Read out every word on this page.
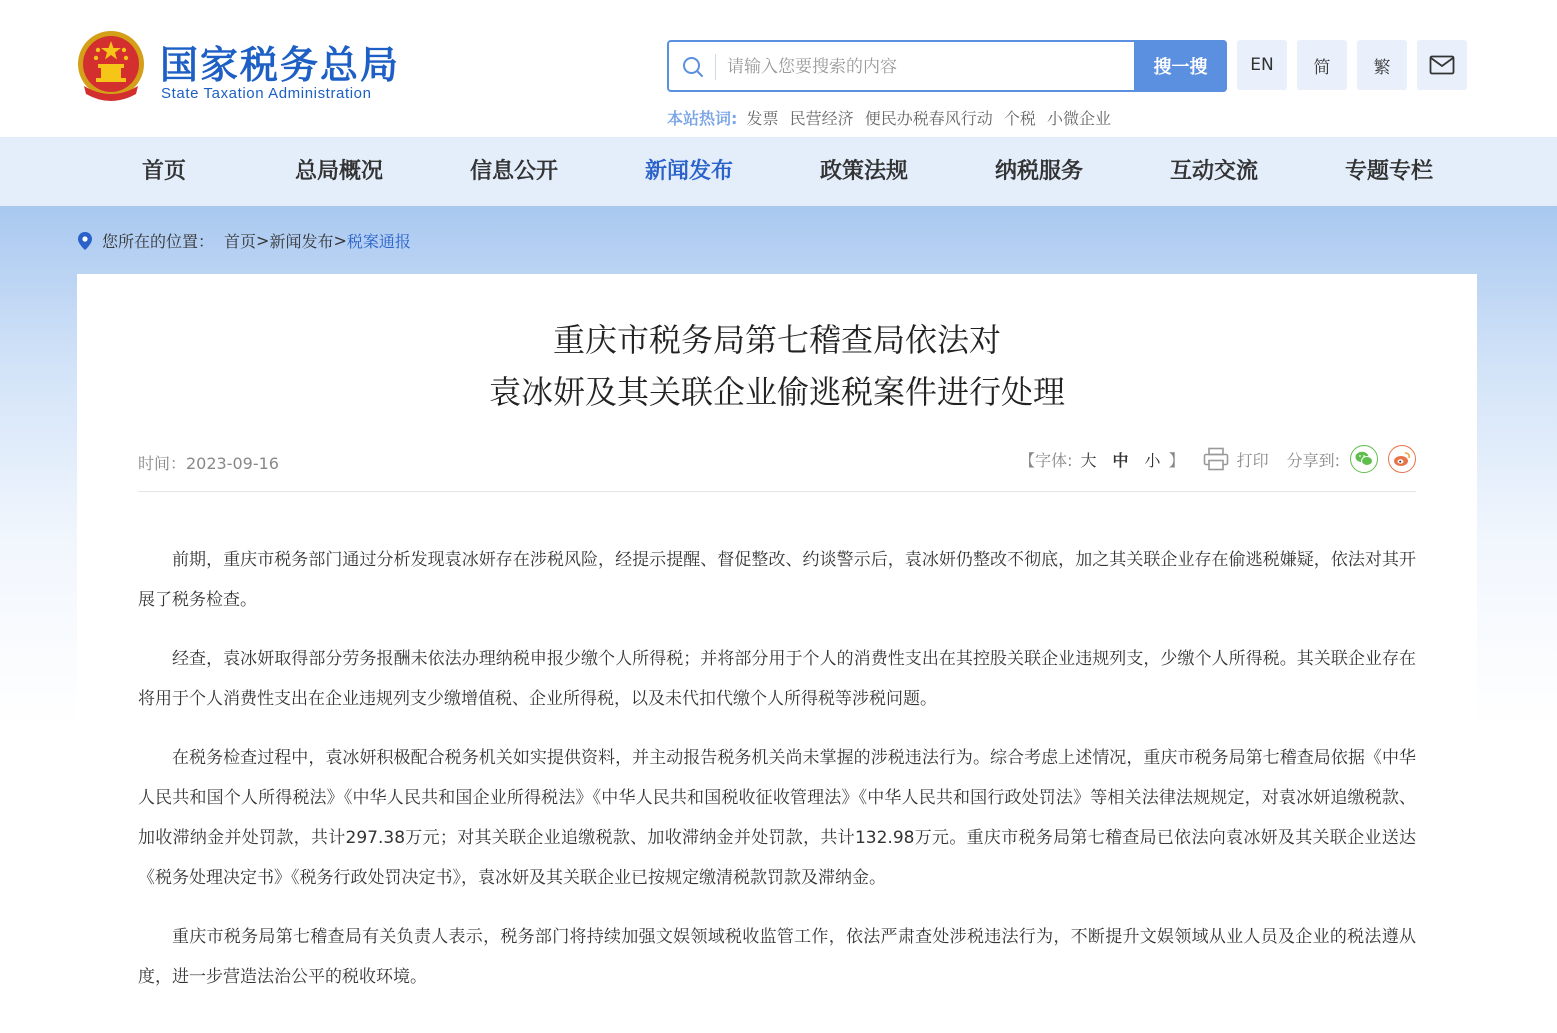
国家税务总局
State Taxation Administration
请输入您要搜索的内容
搜一搜	EN	简	繁
本站热词: 发票 民营经济 便民办税春风行动 个税 小微企业
首页	总局概况	信息公开	新闻发布	政策法规	纳税服务	互动交流	专题专栏
您所在的位置： 首页 > 新闻发布 > 税案通报
重庆市税务局第七稽查局依法对
袁冰妍及其关联企业偷逃税案件进行处理
时间：2023-09-16	【字体: 大 中 小 】	打印 分享到:

前期，重庆市税务部门通过分析发现袁冰妍存在涉税风险，经提示提醒、督促整改、约谈警示后，袁冰妍仍整改不彻底，加之其关联企业存在偷逃税嫌疑，依法对其开展了税务检查。

经查，袁冰妍取得部分劳务报酬未依法办理纳税申报少缴个人所得税；并将部分用于个人的消费性支出在其控股关联企业违规列支，少缴个人所得税。其关联企业存在将用于个人消费性支出在企业违规列支少缴增值税、企业所得税，以及未代扣代缴个人所得税等涉税问题。

在税务检查过程中，袁冰妍积极配合税务机关如实提供资料，并主动报告税务机关尚未掌握的涉税违法行为。综合考虑上述情况，重庆市税务局第七稽查局依据《中华人民共和国个人所得税法》《中华人民共和国企业所得税法》《中华人民共和国税收征收管理法》《中华人民共和国行政处罚法》等相关法律法规规定，对袁冰妍追缴税款、加收滞纳金并处罚款，共计297.38万元；对其关联企业追缴税款、加收滞纳金并处罚款，共计132.98万元。重庆市税务局第七稽查局已依法向袁冰妍及其关联企业送达《税务处理决定书》《税务行政处罚决定书》，袁冰妍及其关联企业已按规定缴清税款罚款及滞纳金。

重庆市税务局第七稽查局有关负责人表示，税务部门将持续加强文娱领域税收监管工作，依法严肃查处涉税违法行为，不断提升文娱领域从业人员及企业的税法遵从度，进一步营造法治公平的税收环境。
